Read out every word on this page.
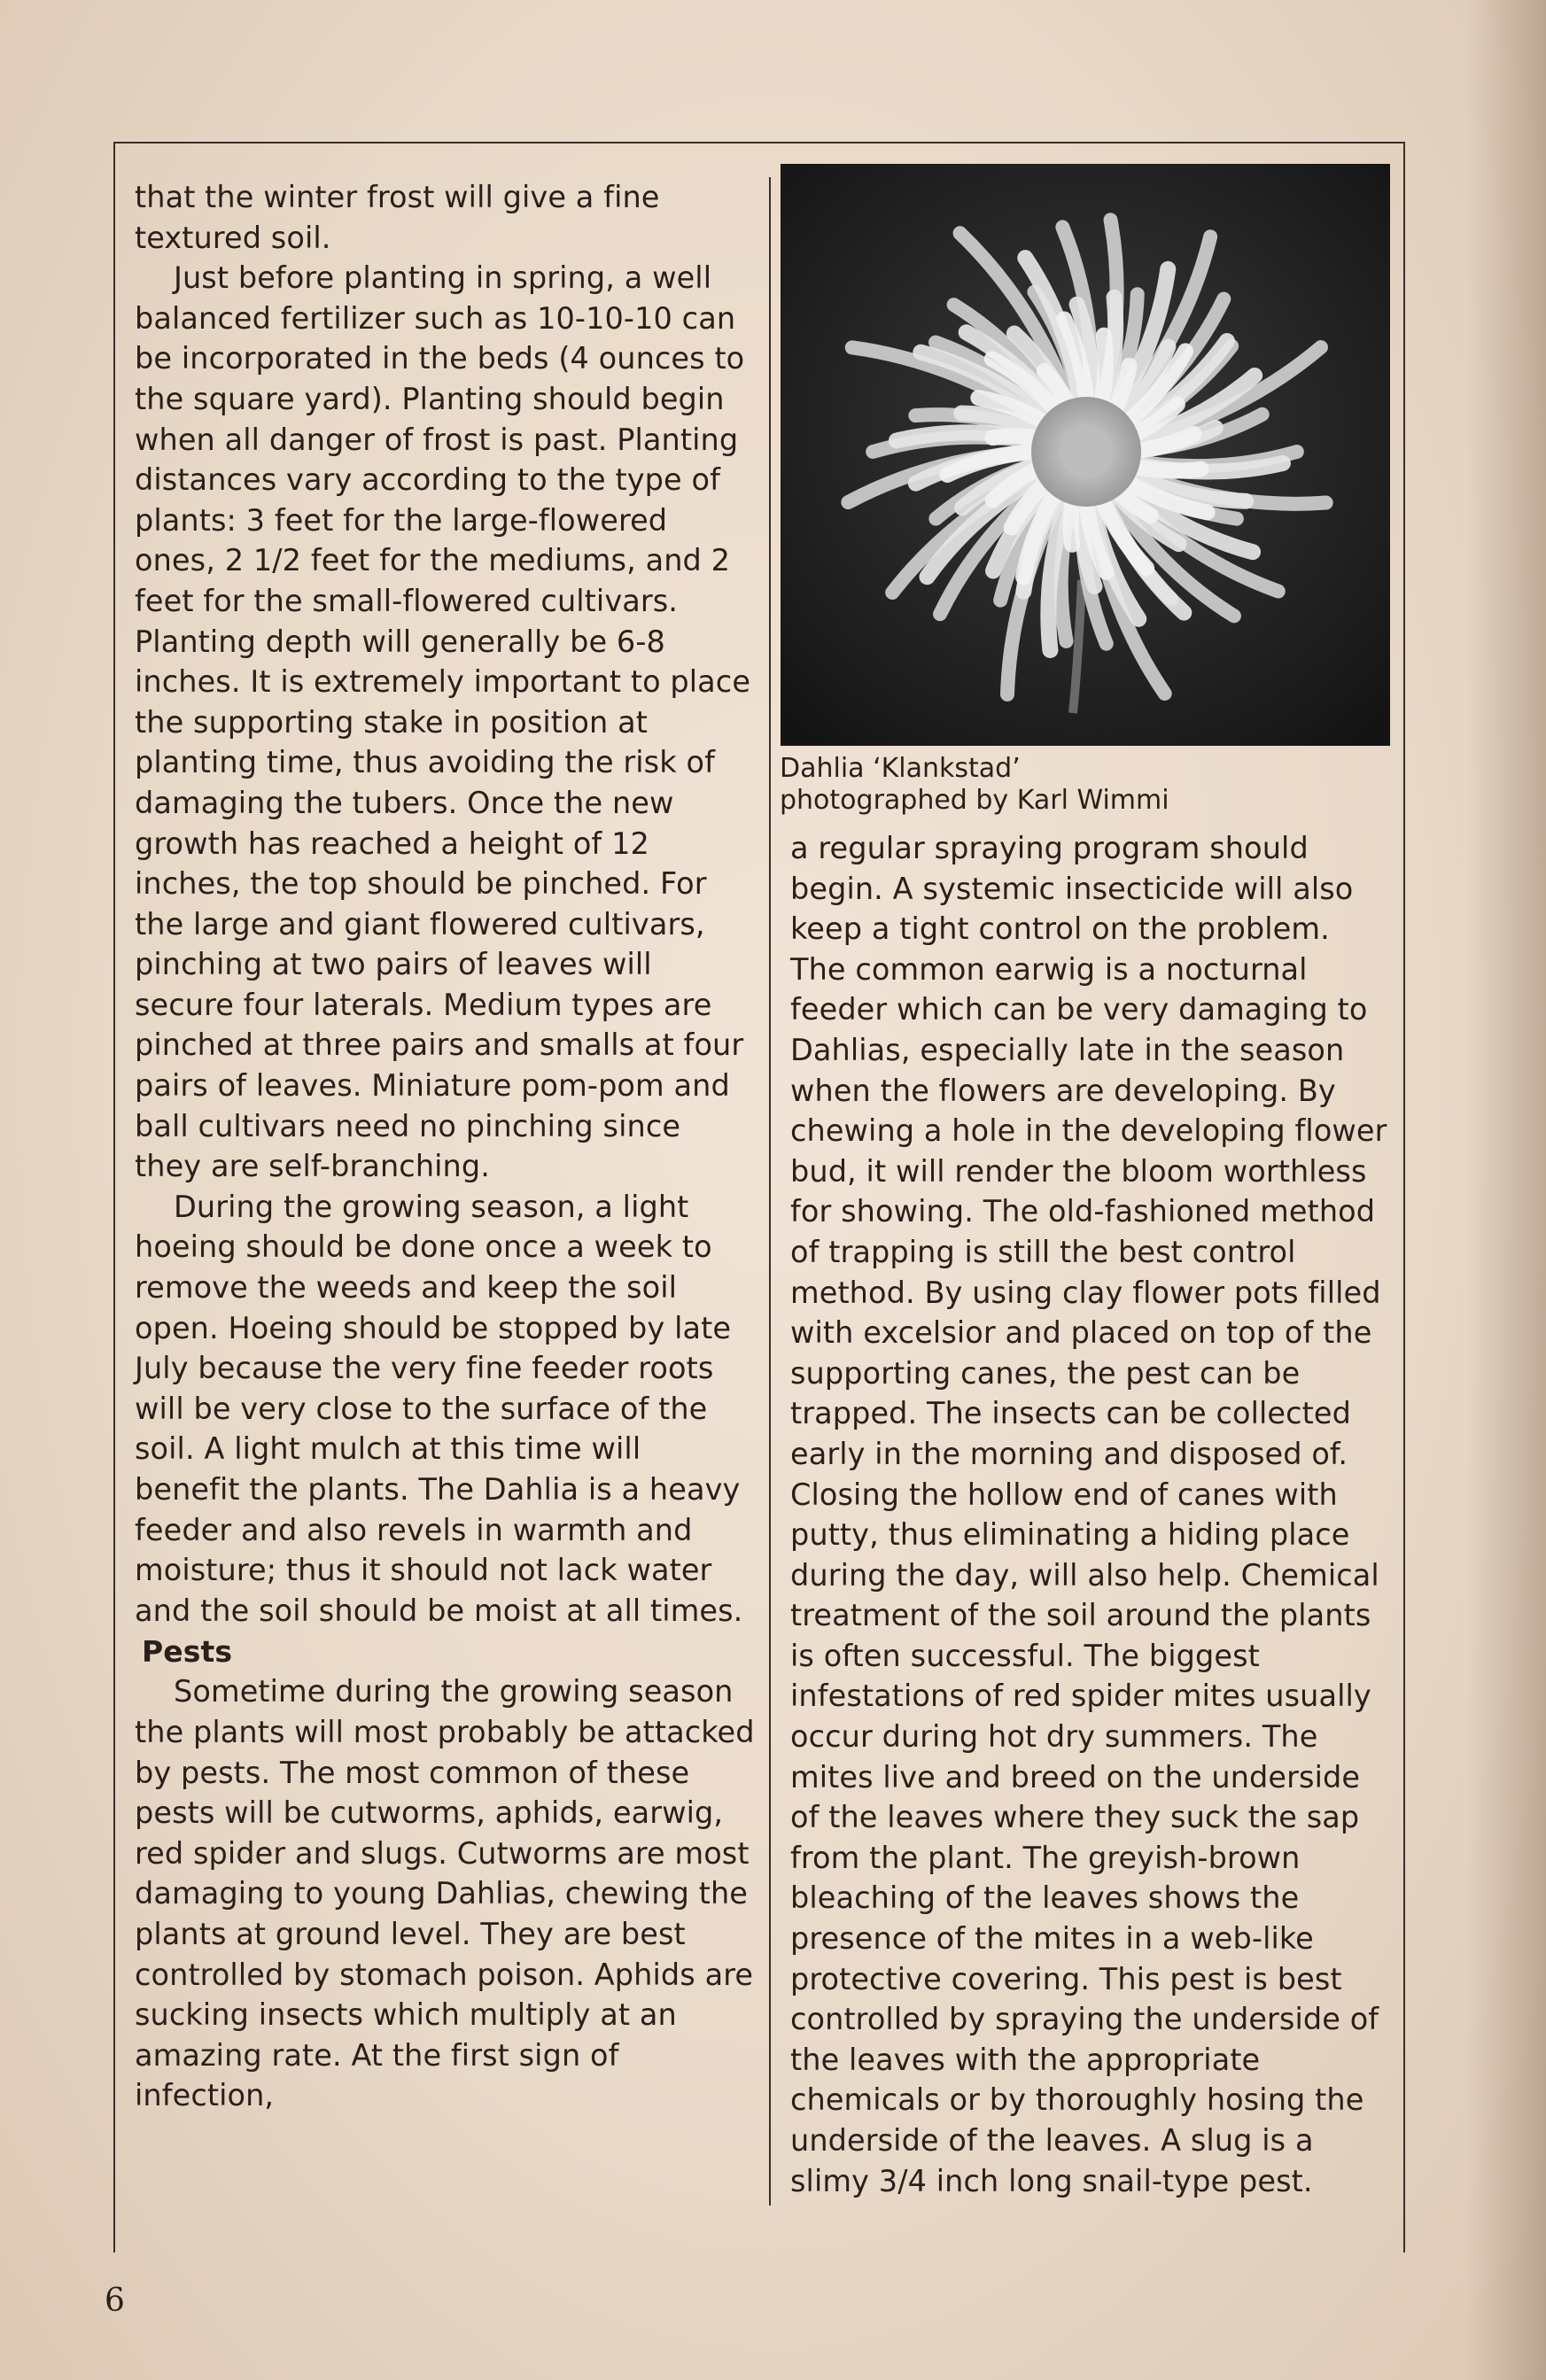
that the winter frost will give a fine textured soil.

Just before planting in spring, a well balanced fertilizer such as 10-10-10 can be incorporated in the beds (4 ounces to the square yard). Planting should begin when all danger of frost is past. Planting distances vary according to the type of plants: 3 feet for the large-flowered ones, 2 1/2 feet for the mediums, and 2 feet for the small-flowered cultivars. Planting depth will generally be 6-8 inches. It is extremely important to place the supporting stake in position at planting time, thus avoiding the risk of damaging the tubers. Once the new growth has reached a height of 12 inches, the top should be pinched. For the large and giant flowered cultivars, pinching at two pairs of leaves will secure four laterals. Medium types are pinched at three pairs and smalls at four pairs of leaves. Miniature pom-pom and ball cultivars need no pinching since they are self-branching.

During the growing season, a light hoeing should be done once a week to remove the weeds and keep the soil open. Hoeing should be stopped by late July because the very fine feeder roots will be very close to the surface of the soil. A light mulch at this time will benefit the plants. The Dahlia is a heavy feeder and also revels in warmth and moisture; thus it should not lack water and the soil should be moist at all times.

Pests

Sometime during the growing season the plants will most probably be attacked by pests. The most common of these pests will be cutworms, aphids, earwig, red spider and slugs. Cutworms are most damaging to young Dahlias, chewing the plants at ground level. They are best controlled by stomach poison. Aphids are sucking insects which multiply at an amazing rate. At the first sign of infection,

Dahlia ‘Klankstad’
photographed by Karl Wimmi

a regular spraying program should begin. A systemic insecticide will also keep a tight control on the problem. The common earwig is a nocturnal feeder which can be very damaging to Dahlias, especially late in the season when the flowers are developing. By chewing a hole in the developing flower bud, it will render the bloom worthless for showing. The old-fashioned method of trapping is still the best control method. By using clay flower pots filled with excelsior and placed on top of the supporting canes, the pest can be trapped. The insects can be collected early in the morning and disposed of. Closing the hollow end of canes with putty, thus eliminating a hiding place during the day, will also help. Chemical treatment of the soil around the plants is often successful. The biggest infestations of red spider mites usually occur during hot dry summers. The mites live and breed on the underside of the leaves where they suck the sap from the plant. The greyish-brown bleaching of the leaves shows the presence of the mites in a web-like protective covering. This pest is best controlled by spraying the underside of the leaves with the appropriate chemicals or by thoroughly hosing the underside of the leaves. A slug is a slimy 3/4 inch long snail-type pest.

6
